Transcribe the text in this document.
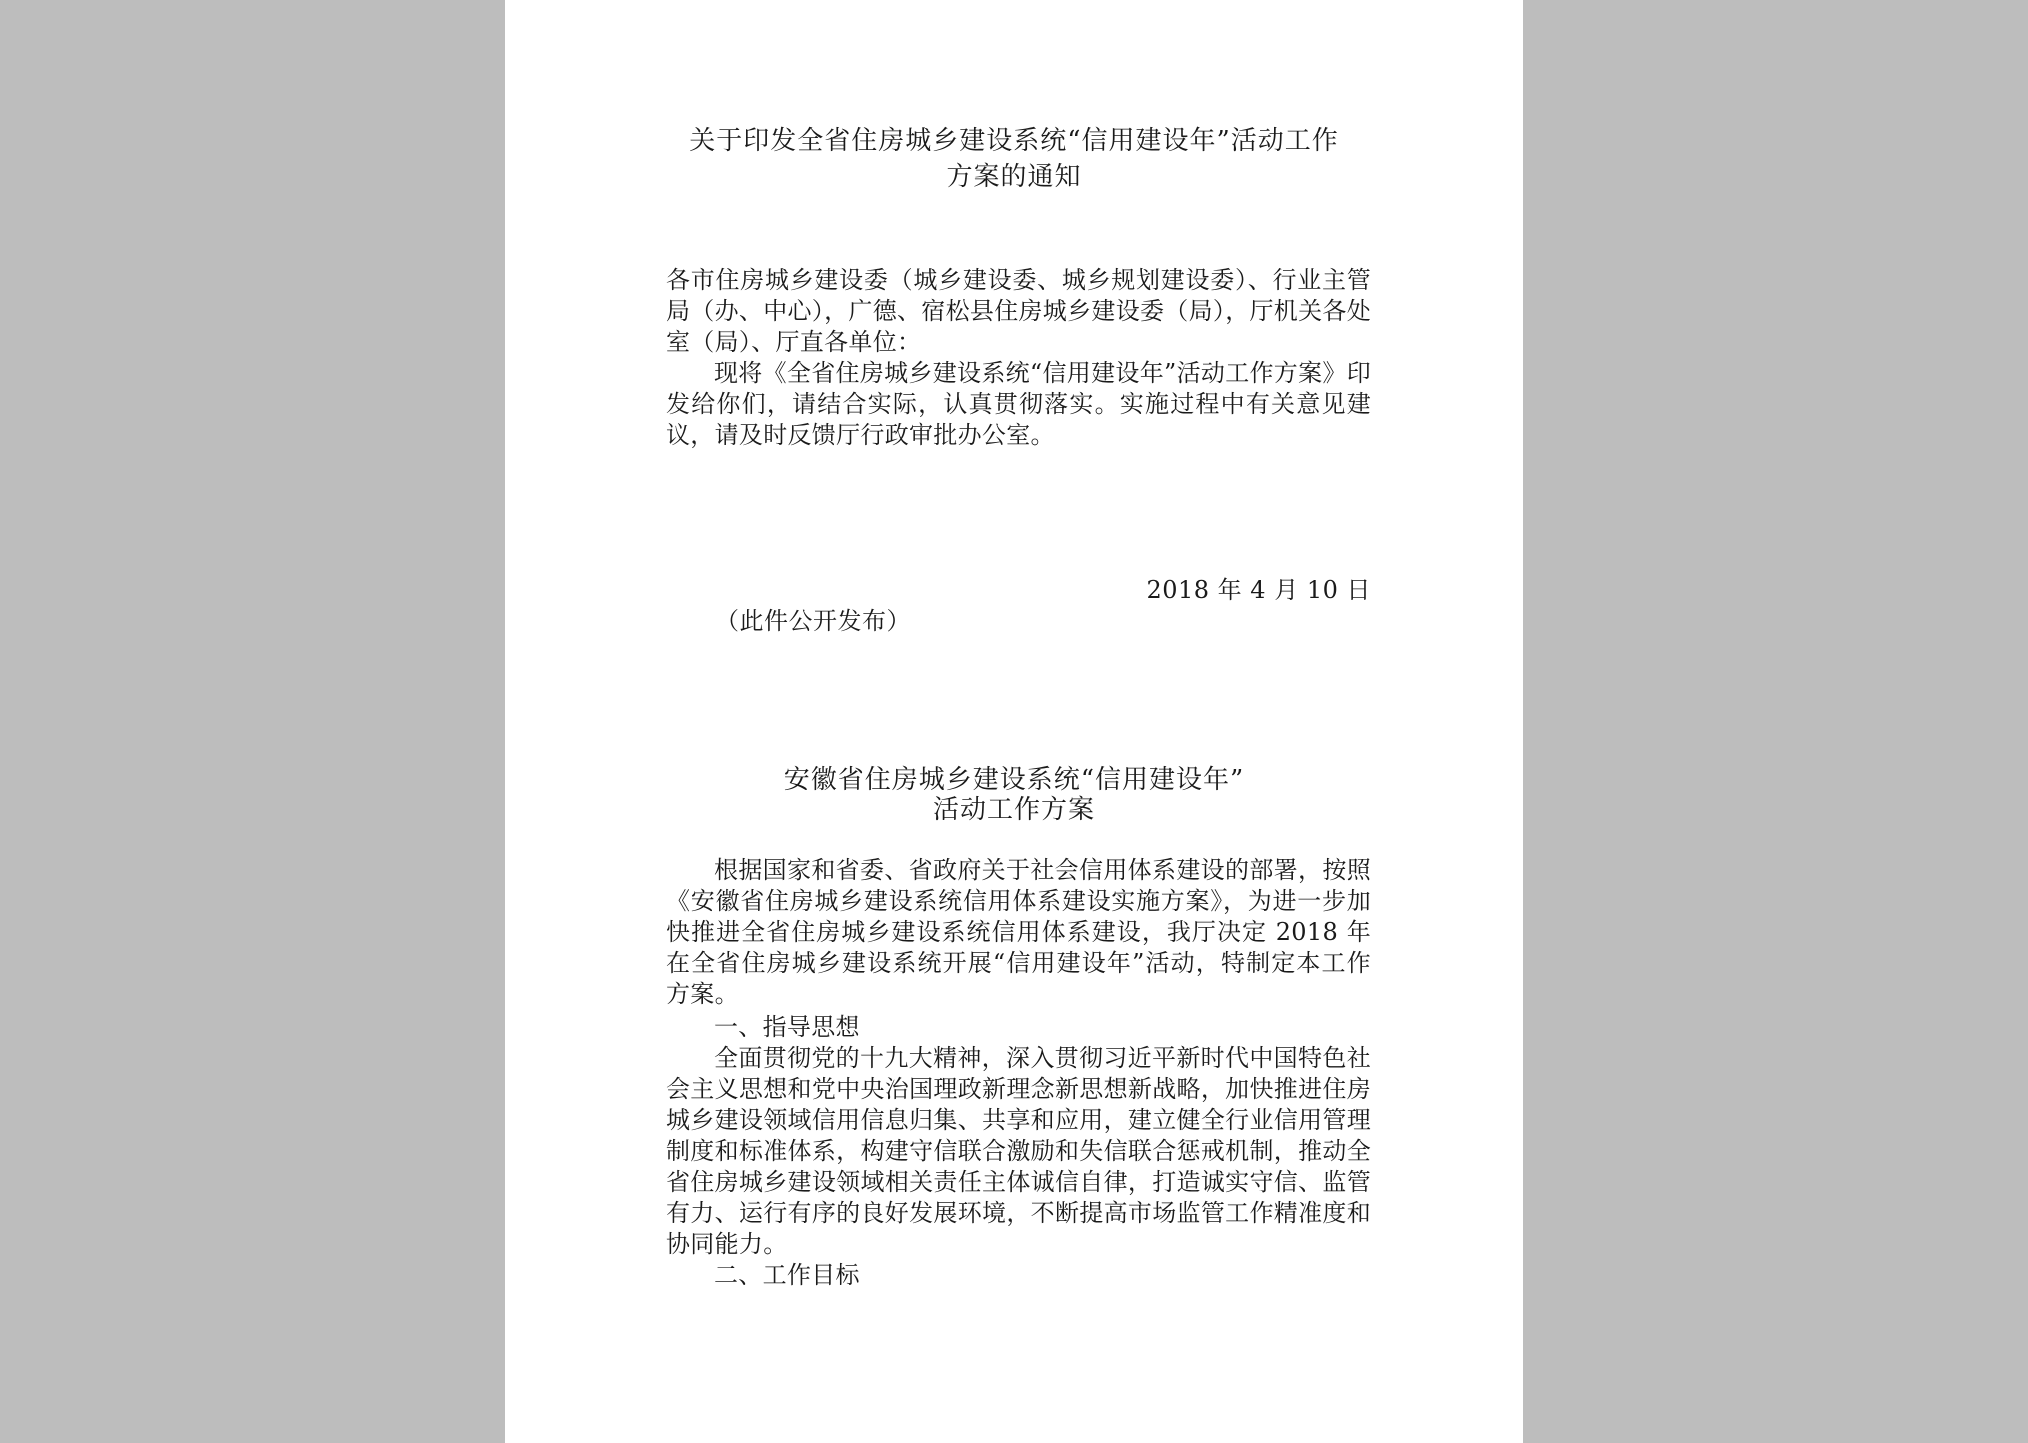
关于印发全省住房城乡建设系统“信用建设年”活动工作
方案的通知
各市住房城乡建设委（城乡建设委、城乡规划建设委）、行业主管局（办、中心），广德、宿松县住房城乡建设委（局），厅机关各处室（局）、厅直各单位：
现将《全省住房城乡建设系统“信用建设年”活动工作方案》印发给你们，请结合实际，认真贯彻落实。实施过程中有关意见建议，请及时反馈厅行政审批办公室。
2018 年 4 月 10 日
（此件公开发布）
安徽省住房城乡建设系统“信用建设年”
活动工作方案
根据国家和省委、省政府关于社会信用体系建设的部署，按照《安徽省住房城乡建设系统信用体系建设实施方案》，为进一步加快推进全省住房城乡建设系统信用体系建设，我厅决定 2018 年在全省住房城乡建设系统开展“信用建设年”活动，特制定本工作方案。
一、指导思想
全面贯彻党的十九大精神，深入贯彻习近平新时代中国特色社会主义思想和党中央治国理政新理念新思想新战略，加快推进住房城乡建设领域信用信息归集、共享和应用，建立健全行业信用管理制度和标准体系，构建守信联合激励和失信联合惩戒机制，推动全省住房城乡建设领域相关责任主体诚信自律，打造诚实守信、监管有力、运行有序的良好发展环境，不断提高市场监管工作精准度和协同能力。
二、工作目标
